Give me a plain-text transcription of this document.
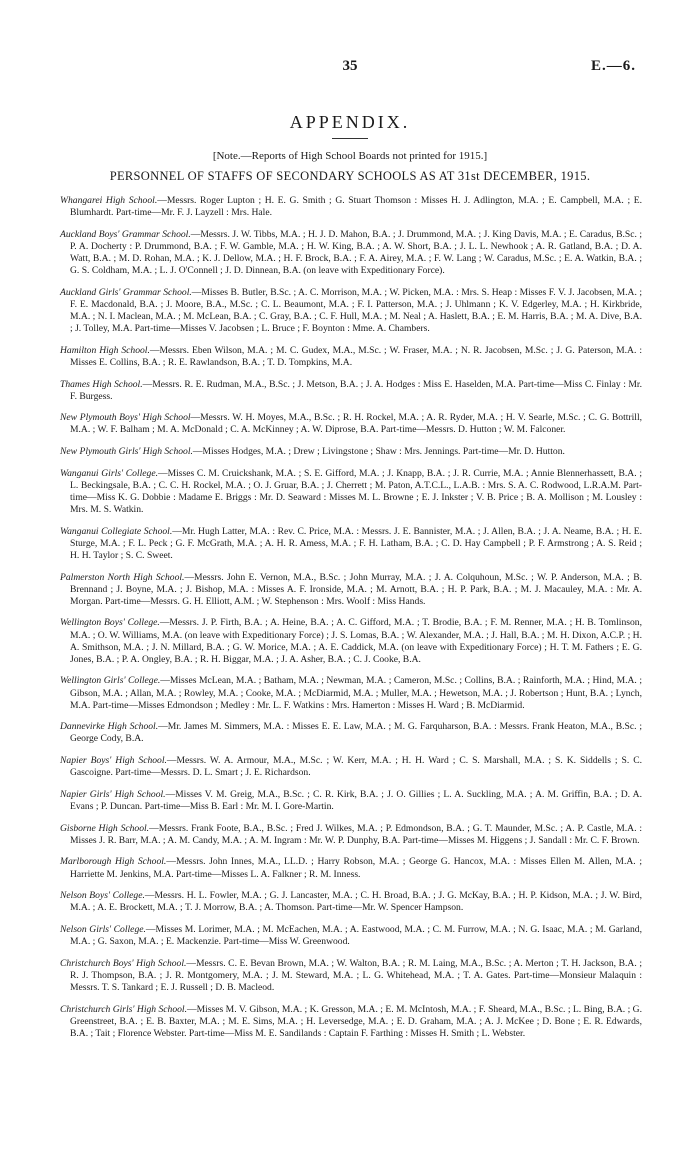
35	E.—6.
APPENDIX.
[Note.—Reports of High School Boards not printed for 1915.]
PERSONNEL OF STAFFS OF SECONDARY SCHOOLS AS AT 31st DECEMBER, 1915.

Whangarei High School.—Messrs. Roger Lupton ; H. E. G. Smith ; G. Stuart Thomson : Misses H. J. Adlington, M.A. ; E. Campbell, M.A. ; E. Blumhardt. Part-time—Mr. F. J. Layzell : Mrs. Hale.

Auckland Boys' Grammar School.—Messrs. J. W. Tibbs, M.A. ; H. J. D. Mahon, B.A. ; J. Drummond, M.A. ; J. King Davis, M.A. ; E. Caradus, B.Sc. ; P. A. Docherty : P. Drummond, B.A. ; F. W. Gamble, M.A. ; H. W. King, B.A. ; A. W. Short, B.A. ; J. L. L. Newhook ; A. R. Gatland, B.A. ; D. A. Watt, B.A. ; M. D. Rohan, M.A. ; K. J. Dellow, M.A. ; H. F. Brock, B.A. ; F. A. Airey, M.A. ; F. W. Lang ; W. Caradus, M.Sc. ; E. A. Watkin, B.A. ; G. S. Coldham, M.A. ; L. J. O'Connell ; J. D. Dinnean, B.A. (on leave with Expeditionary Force).

Auckland Girls' Grammar School.—Misses B. Butler, B.Sc. ; A. C. Morrison, M.A. ; W. Picken, M.A. : Mrs. S. Heap : Misses F. V. J. Jacobsen, M.A. ; F. E. Macdonald, B.A. ; J. Moore, B.A., M.Sc. ; C. L. Beaumont, M.A. ; F. I. Patterson, M.A. ; J. Uhlmann ; K. V. Edgerley, M.A. ; H. Kirkbride, M.A. ; N. I. Maclean, M.A. ; M. McLean, B.A. ; C. Gray, B.A. ; C. F. Hull, M.A. ; M. Neal ; A. Haslett, B.A. ; E. M. Harris, B.A. ; M. A. Dive, B.A. ; J. Tolley, M.A. Part-time—Misses V. Jacobsen ; L. Bruce ; F. Boynton : Mme. A. Chambers.

Hamilton High School.—Messrs. Eben Wilson, M.A. ; M. C. Gudex, M.A., M.Sc. ; W. Fraser, M.A. ; N. R. Jacobsen, M.Sc. ; J. G. Paterson, M.A. : Misses E. Collins, B.A. ; R. E. Rawlandson, B.A. ; T. D. Tompkins, M.A.

Thames High School.—Messrs. R. E. Rudman, M.A., B.Sc. ; J. Metson, B.A. ; J. A. Hodges : Miss E. Haselden, M.A. Part-time—Miss C. Finlay : Mr. F. Burgess.

New Plymouth Boys' High School—Messrs. W. H. Moyes, M.A., B.Sc. ; R. H. Rockel, M.A. ; A. R. Ryder, M.A. ; H. V. Searle, M.Sc. ; C. G. Bottrill, M.A. ; W. F. Balham ; M. A. McDonald ; C. A. McKinney ; A. W. Diprose, B.A. Part-time—Messrs. D. Hutton ; W. M. Falconer.

New Plymouth Girls' High School.—Misses Hodges, M.A. ; Drew ; Livingstone ; Shaw : Mrs. Jennings. Part-time—Mr. D. Hutton.

Wanganui Girls' College.—Misses C. M. Cruickshank, M.A. ; S. E. Gifford, M.A. ; J. Knapp, B.A. ; J. R. Currie, M.A. ; Annie Blennerhassett, B.A. ; L. Beckingsale, B.A. ; C. C. H. Rockel, M.A. ; O. J. Gruar, B.A. ; J. Cherrett ; M. Paton, A.T.C.L., L.A.B. : Mrs. S. A. C. Rodwood, L.R.A.M. Part-time—Miss K. G. Dobbie : Madame E. Briggs : Mr. D. Seaward : Misses M. L. Browne ; E. J. Inkster ; V. B. Price ; B. A. Mollison ; M. Lousley : Mrs. M. S. Watkin.

Wanganui Collegiate School.—Mr. Hugh Latter, M.A. : Rev. C. Price, M.A. : Messrs. J. E. Bannister, M.A. ; J. Allen, B.A. ; J. A. Neame, B.A. ; H. E. Sturge, M.A. ; F. L. Peck ; G. F. McGrath, M.A. ; A. H. R. Amess, M.A. ; F. H. Latham, B.A. ; C. D. Hay Campbell ; P. F. Armstrong ; A. S. Reid ; H. H. Taylor ; S. C. Sweet.

Palmerston North High School.—Messrs. John E. Vernon, M.A., B.Sc. ; John Murray, M.A. ; J. A. Colquhoun, M.Sc. ; W. P. Anderson, M.A. ; B. Brennand ; J. Boyne, M.A. ; J. Bishop, M.A. : Misses A. F. Ironside, M.A. ; M. Arnott, B.A. ; H. P. Park, B.A. ; M. J. Macauley, M.A. : Mr. A. Morgan. Part-time—Messrs. G. H. Elliott, A.M. ; W. Stephenson : Mrs. Woolf : Miss Hands.

Wellington Boys' College.—Messrs. J. P. Firth, B.A. ; A. Heine, B.A. ; A. C. Gifford, M.A. ; T. Brodie, B.A. ; F. M. Renner, M.A. ; H. B. Tomlinson, M.A. ; O. W. Williams, M.A. (on leave with Expeditionary Force) ; J. S. Lomas, B.A. ; W. Alexander, M.A. ; J. Hall, B.A. ; M. H. Dixon, A.C.P. ; H. A. Smithson, M.A. ; J. N. Millard, B.A. ; G. W. Morice, M.A. ; A. E. Caddick, M.A. (on leave with Expeditionary Force) ; H. T. M. Fathers ; E. G. Jones, B.A. ; P. A. Ongley, B.A. ; R. H. Biggar, M.A. ; J. A. Asher, B.A. ; C. J. Cooke, B.A.

Wellington Girls' College.—Misses McLean, M.A. ; Batham, M.A. ; Newman, M.A. ; Cameron, M.Sc. ; Collins, B.A. ; Rainforth, M.A. ; Hind, M.A. ; Gibson, M.A. ; Allan, M.A. ; Rowley, M.A. ; Cooke, M.A. ; McDiarmid, M.A. ; Muller, M.A. ; Hewetson, M.A. ; J. Robertson ; Hunt, B.A. ; Lynch, M.A. Part-time—Misses Edmondson ; Medley : Mr. L. F. Watkins : Mrs. Hamerton : Misses H. Ward ; B. McDiarmid.

Dannevirke High School.—Mr. James M. Simmers, M.A. : Misses E. E. Law, M.A. ; M. G. Farquharson, B.A. : Messrs. Frank Heaton, M.A., B.Sc. ; George Cody, B.A.

Napier Boys' High School.—Messrs. W. A. Armour, M.A., M.Sc. ; W. Kerr, M.A. ; H. H. Ward ; C. S. Marshall, M.A. ; S. K. Siddells ; S. C. Gascoigne. Part-time—Messrs. D. L. Smart ; J. E. Richardson.

Napier Girls' High School.—Misses V. M. Greig, M.A., B.Sc. ; C. R. Kirk, B.A. ; J. O. Gillies ; L. A. Suckling, M.A. ; A. M. Griffin, B.A. ; D. A. Evans ; P. Duncan. Part-time—Miss B. Earl : Mr. M. I. Gore-Martin.

Gisborne High School.—Messrs. Frank Foote, B.A., B.Sc. ; Fred J. Wilkes, M.A. ; P. Edmondson, B.A. ; G. T. Maunder, M.Sc. ; A. P. Castle, M.A. : Misses J. R. Barr, M.A. ; A. M. Candy, M.A. ; A. M. Ingram : Mr. W. P. Dunphy, B.A. Part-time—Misses M. Higgens ; J. Sandall : Mr. C. F. Brown.

Marlborough High School.—Messrs. John Innes, M.A., LL.D. ; Harry Robson, M.A. ; George G. Hancox, M.A. : Misses Ellen M. Allen, M.A. ; Harriette M. Jenkins, M.A. Part-time—Misses L. A. Falkner ; R. M. Inness.

Nelson Boys' College.—Messrs. H. L. Fowler, M.A. ; G. J. Lancaster, M.A. ; C. H. Broad, B.A. ; J. G. McKay, B.A. ; H. P. Kidson, M.A. ; J. W. Bird, M.A. ; A. E. Brockett, M.A. ; T. J. Morrow, B.A. ; A. Thomson. Part-time—Mr. W. Spencer Hampson.

Nelson Girls' College.—Misses M. Lorimer, M.A. ; M. McEachen, M.A. ; A. Eastwood, M.A. ; C. M. Furrow, M.A. ; N. G. Isaac, M.A. ; M. Garland, M.A. ; G. Saxon, M.A. ; E. Mackenzie. Part-time—Miss W. Greenwood.

Christchurch Boys' High School.—Messrs. C. E. Bevan Brown, M.A. ; W. Walton, B.A. ; R. M. Laing, M.A., B.Sc. ; A. Merton ; T. H. Jackson, B.A. ; R. J. Thompson, B.A. ; J. R. Montgomery, M.A. ; J. M. Steward, M.A. ; L. G. Whitehead, M.A. ; T. A. Gates. Part-time—Monsieur Malaquin : Messrs. T. S. Tankard ; E. J. Russell ; D. B. Macleod.

Christchurch Girls' High School.—Misses M. V. Gibson, M.A. ; K. Gresson, M.A. ; E. M. McIntosh, M.A. ; F. Sheard, M.A., B.Sc. ; L. Bing, B.A. ; G. Greenstreet, B.A. ; E. B. Baxter, M.A. ; M. E. Sims, M.A. ; H. Leversedge, M.A. ; E. D. Graham, M.A. ; A. J. McKee ; D. Bone ; E. R. Edwards, B.A. ; Tait ; Florence Webster. Part-time—Miss M. E. Sandilands : Captain F. Farthing : Misses H. Smith ; L. Webster.
